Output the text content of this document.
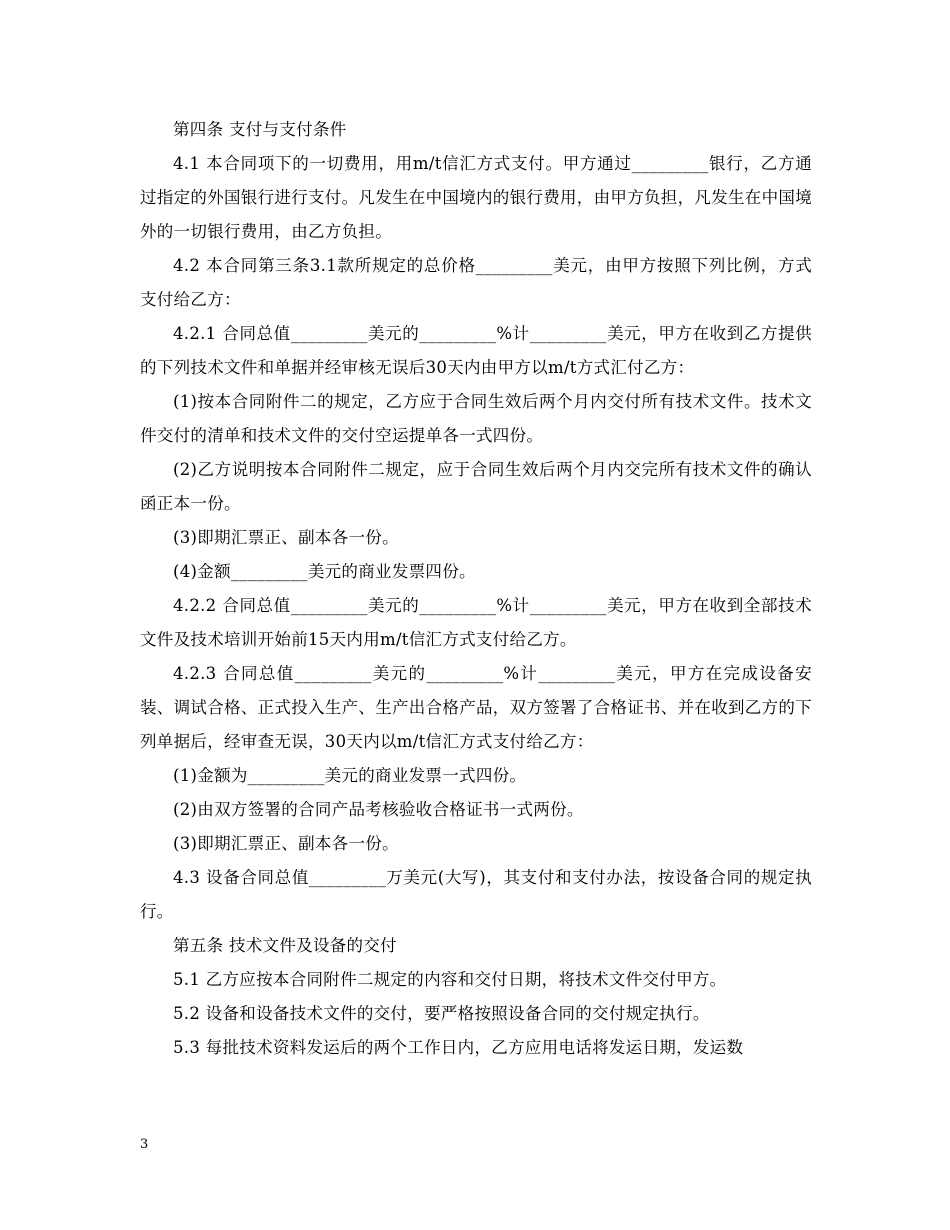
第四条 支付与支付条件

4.1 本合同项下的一切费用，用m/t信汇方式支付。甲方通过_________银行，乙方通过指定的外国银行进行支付。凡发生在中国境内的银行费用，由甲方负担，凡发生在中国境外的一切银行费用，由乙方负担。

4.2 本合同第三条3.1款所规定的总价格_________美元，由甲方按照下列比例，方式支付给乙方：

4.2.1 合同总值_________美元的_________%计_________美元，甲方在收到乙方提供的下列技术文件和单据并经审核无误后30天内由甲方以m/t方式汇付乙方：

(1)按本合同附件二的规定，乙方应于合同生效后两个月内交付所有技术文件。技术文件交付的清单和技术文件的交付空运提单各一式四份。

(2)乙方说明按本合同附件二规定，应于合同生效后两个月内交完所有技术文件的确认函正本一份。

(3)即期汇票正、副本各一份。

(4)金额_________美元的商业发票四份。

4.2.2 合同总值_________美元的_________%计_________美元，甲方在收到全部技术文件及技术培训开始前15天内用m/t信汇方式支付给乙方。

4.2.3 合同总值_________美元的_________%计_________美元，甲方在完成设备安装、调试合格、正式投入生产、生产出合格产品，双方签署了合格证书、并在收到乙方的下列单据后，经审查无误，30天内以m/t信汇方式支付给乙方：

(1)金额为_________美元的商业发票一式四份。

(2)由双方签署的合同产品考核验收合格证书一式两份。

(3)即期汇票正、副本各一份。

4.3 设备合同总值_________万美元(大写)，其支付和支付办法，按设备合同的规定执行。

第五条 技术文件及设备的交付

5.1 乙方应按本合同附件二规定的内容和交付日期，将技术文件交付甲方。

5.2 设备和设备技术文件的交付，要严格按照设备合同的交付规定执行。

5.3 每批技术资料发运后的两个工作日内，乙方应用电话将发运日期，发运数

3
